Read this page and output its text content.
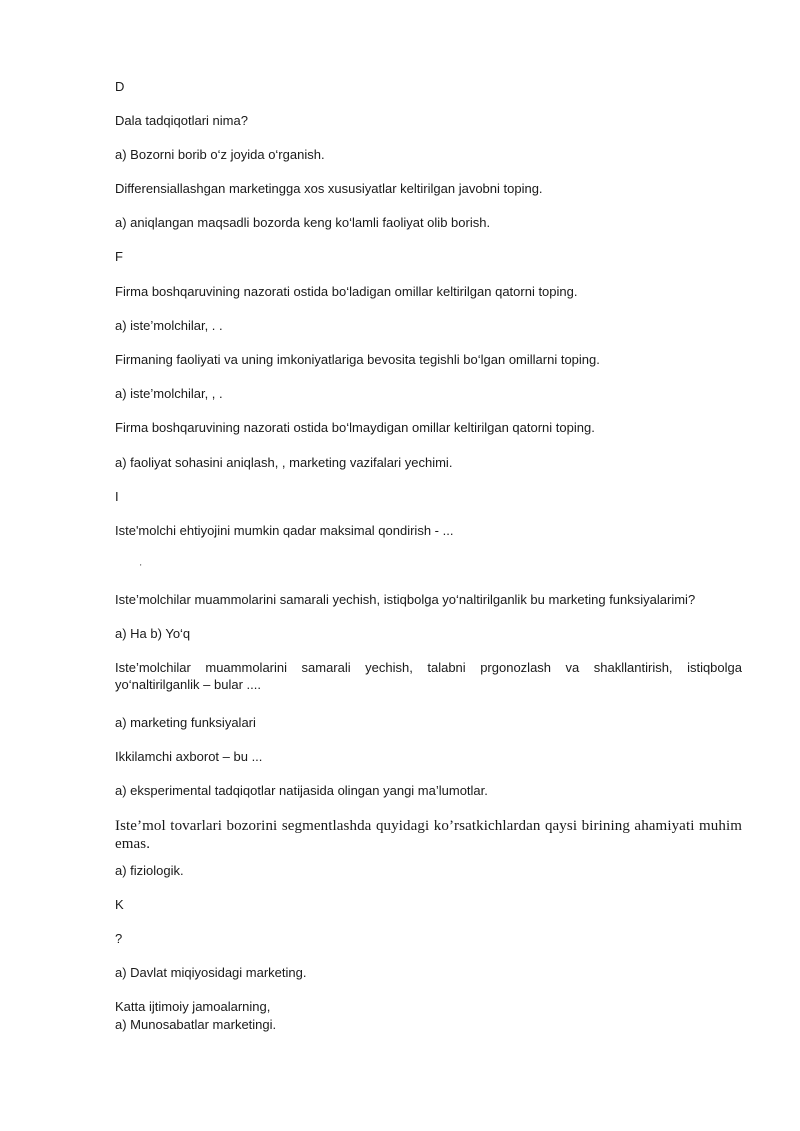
D

Dala tadqiqotlari nima?

a) Bozorni borib o‘z joyida o‘rganish.

Differensiallashgan marketingga xos xususiyatlar keltirilgan javobni toping.

a) aniqlangan maqsadli bozorda keng ko‘lamli faoliyat olib borish.

F

Firma boshqaruvining nazorati ostida bo‘ladigan omillar keltirilgan qatorni toping.

a) iste’molchilar, . .

Firmaning faoliyati va uning imkoniyatlariga bevosita tegishli bo‘lgan omillarni toping.

a) iste’molchilar, , .

Firma boshqaruvining nazorati ostida bo‘lmaydigan omillar keltirilgan qatorni toping.

a) faoliyat sohasini aniqlash, , marketing vazifalari yechimi.

I

Iste'molchi ehtiyojini mumkin qadar maksimal qondirish - ...

'

Iste’molchilar muammolarini samarali yechish, istiqbolga yo‘naltirilganlik bu marketing funksiyalarimi?

a) Ha b) Yo‘q

Iste’molchilar muammolarini samarali yechish, talabni prgonozlash va shakllantirish, istiqbolga yo‘naltirilganlik – bular ....

a) marketing funksiyalari

Ikkilamchi axborot – bu ...

a) eksperimental tadqiqotlar natijasida olingan yangi ma’lumotlar.

Iste’mol tovarlari bozorini segmentlashda quyidagi ko’rsatkichlardan qaysi birining ahamiyati muhim emas.

a) fiziologik.

K

?

a) Davlat miqiyosidagi marketing.

Katta ijtimoiy jamoalarning,

a) Munosabatlar marketingi.
